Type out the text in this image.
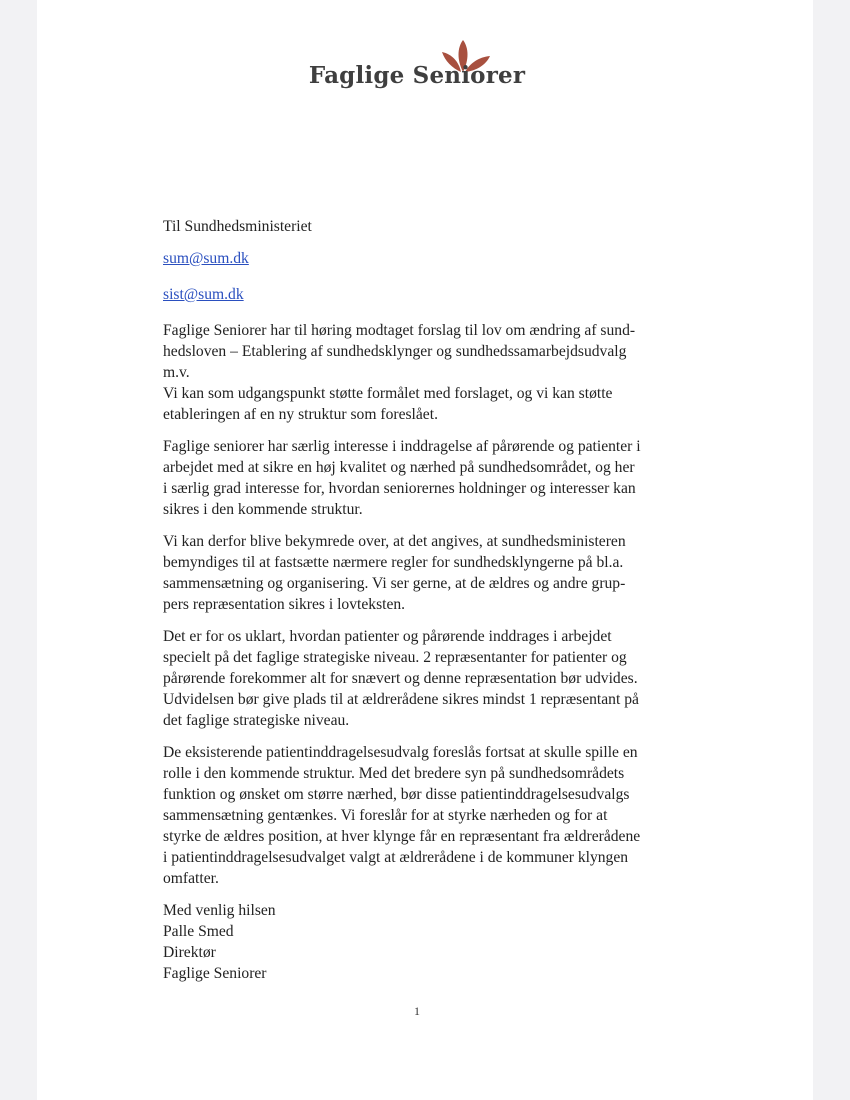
Faglige Seniorer

Til Sundhedsministeriet

sum@sum.dk
sist@sum.dk

Faglige Seniorer har til høring modtaget forslag til lov om ændring af sund-
hedsloven – Etablering af sundhedsklynger og sundhedssamarbejdsudvalg
m.v.
Vi kan som udgangspunkt støtte formålet med forslaget, og vi kan støtte
etableringen af en ny struktur som foreslået.

Faglige seniorer har særlig interesse i inddragelse af pårørende og patienter i
arbejdet med at sikre en høj kvalitet og nærhed på sundhedsområdet, og her
i særlig grad interesse for, hvordan seniorernes holdninger og interesser kan
sikres i den kommende struktur.

Vi kan derfor blive bekymrede over, at det angives, at sundhedsministeren
bemyndiges til at fastsætte nærmere regler for sundhedsklyngerne på bl.a.
sammensætning og organisering. Vi ser gerne, at de ældres og andre grup-
pers repræsentation sikres i lovteksten.

Det er for os uklart, hvordan patienter og pårørende inddrages i arbejdet
specielt på det faglige strategiske niveau. 2 repræsentanter for patienter og
pårørende forekommer alt for snævert og denne repræsentation bør udvides.
Udvidelsen bør give plads til at ældrerådene sikres mindst 1 repræsentant på
det faglige strategiske niveau.

De eksisterende patientinddragelsesudvalg foreslås fortsat at skulle spille en
rolle i den kommende struktur. Med det bredere syn på sundhedsområdets
funktion og ønsket om større nærhed, bør disse patientinddragelsesudvalgs
sammensætning gentænkes. Vi foreslår for at styrke nærheden og for at
styrke de ældres position, at hver klynge får en repræsentant fra ældrerådene
i patientinddragelsesudvalget valgt at ældrerådene i de kommuner klyngen
omfatter.

Med venlig hilsen
Palle Smed
Direktør
Faglige Seniorer

1
